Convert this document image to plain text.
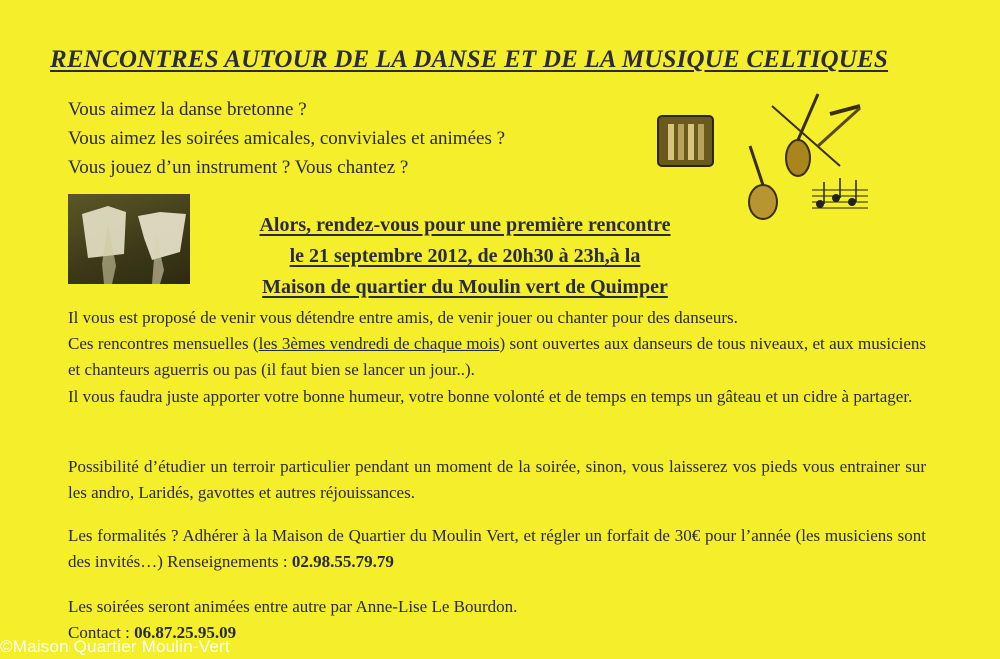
RENCONTRES AUTOUR DE LA DANSE ET DE LA MUSIQUE CELTIQUES
Vous aimez la danse bretonne ?
Vous aimez les soirées amicales, conviviales et animées ?
Vous jouez d’un instrument ? Vous chantez ?
Alors, rendez-vous pour une première rencontre
le 21 septembre 2012, de 20h30 à 23h,à la
Maison de quartier du Moulin vert de Quimper
Il vous est proposé de venir vous détendre entre amis, de venir jouer ou chanter pour des danseurs.
Ces rencontres mensuelles (les 3èmes vendredi de chaque mois) sont ouvertes aux danseurs de tous niveaux, et aux musiciens et chanteurs aguerris ou pas (il faut bien se lancer un jour..).
Il vous faudra juste apporter votre bonne humeur, votre bonne volonté et de temps en temps un gâteau et un cidre à partager.
Possibilité d’étudier un terroir particulier pendant un moment de la soirée, sinon, vous laisserez vos pieds vous entrainer sur les andro, Laridés, gavottes et autres réjouissances.
Les formalités ? Adhérer à la Maison de Quartier du Moulin Vert, et régler un forfait de 30€ pour l’année (les musiciens sont des invités…) Renseignements : 02.98.55.79.79
Les soirées seront animées entre autre par Anne-Lise Le Bourdon.
Contact : 06.87.25.95.09
©Maison Quartier Moulin-Vert
